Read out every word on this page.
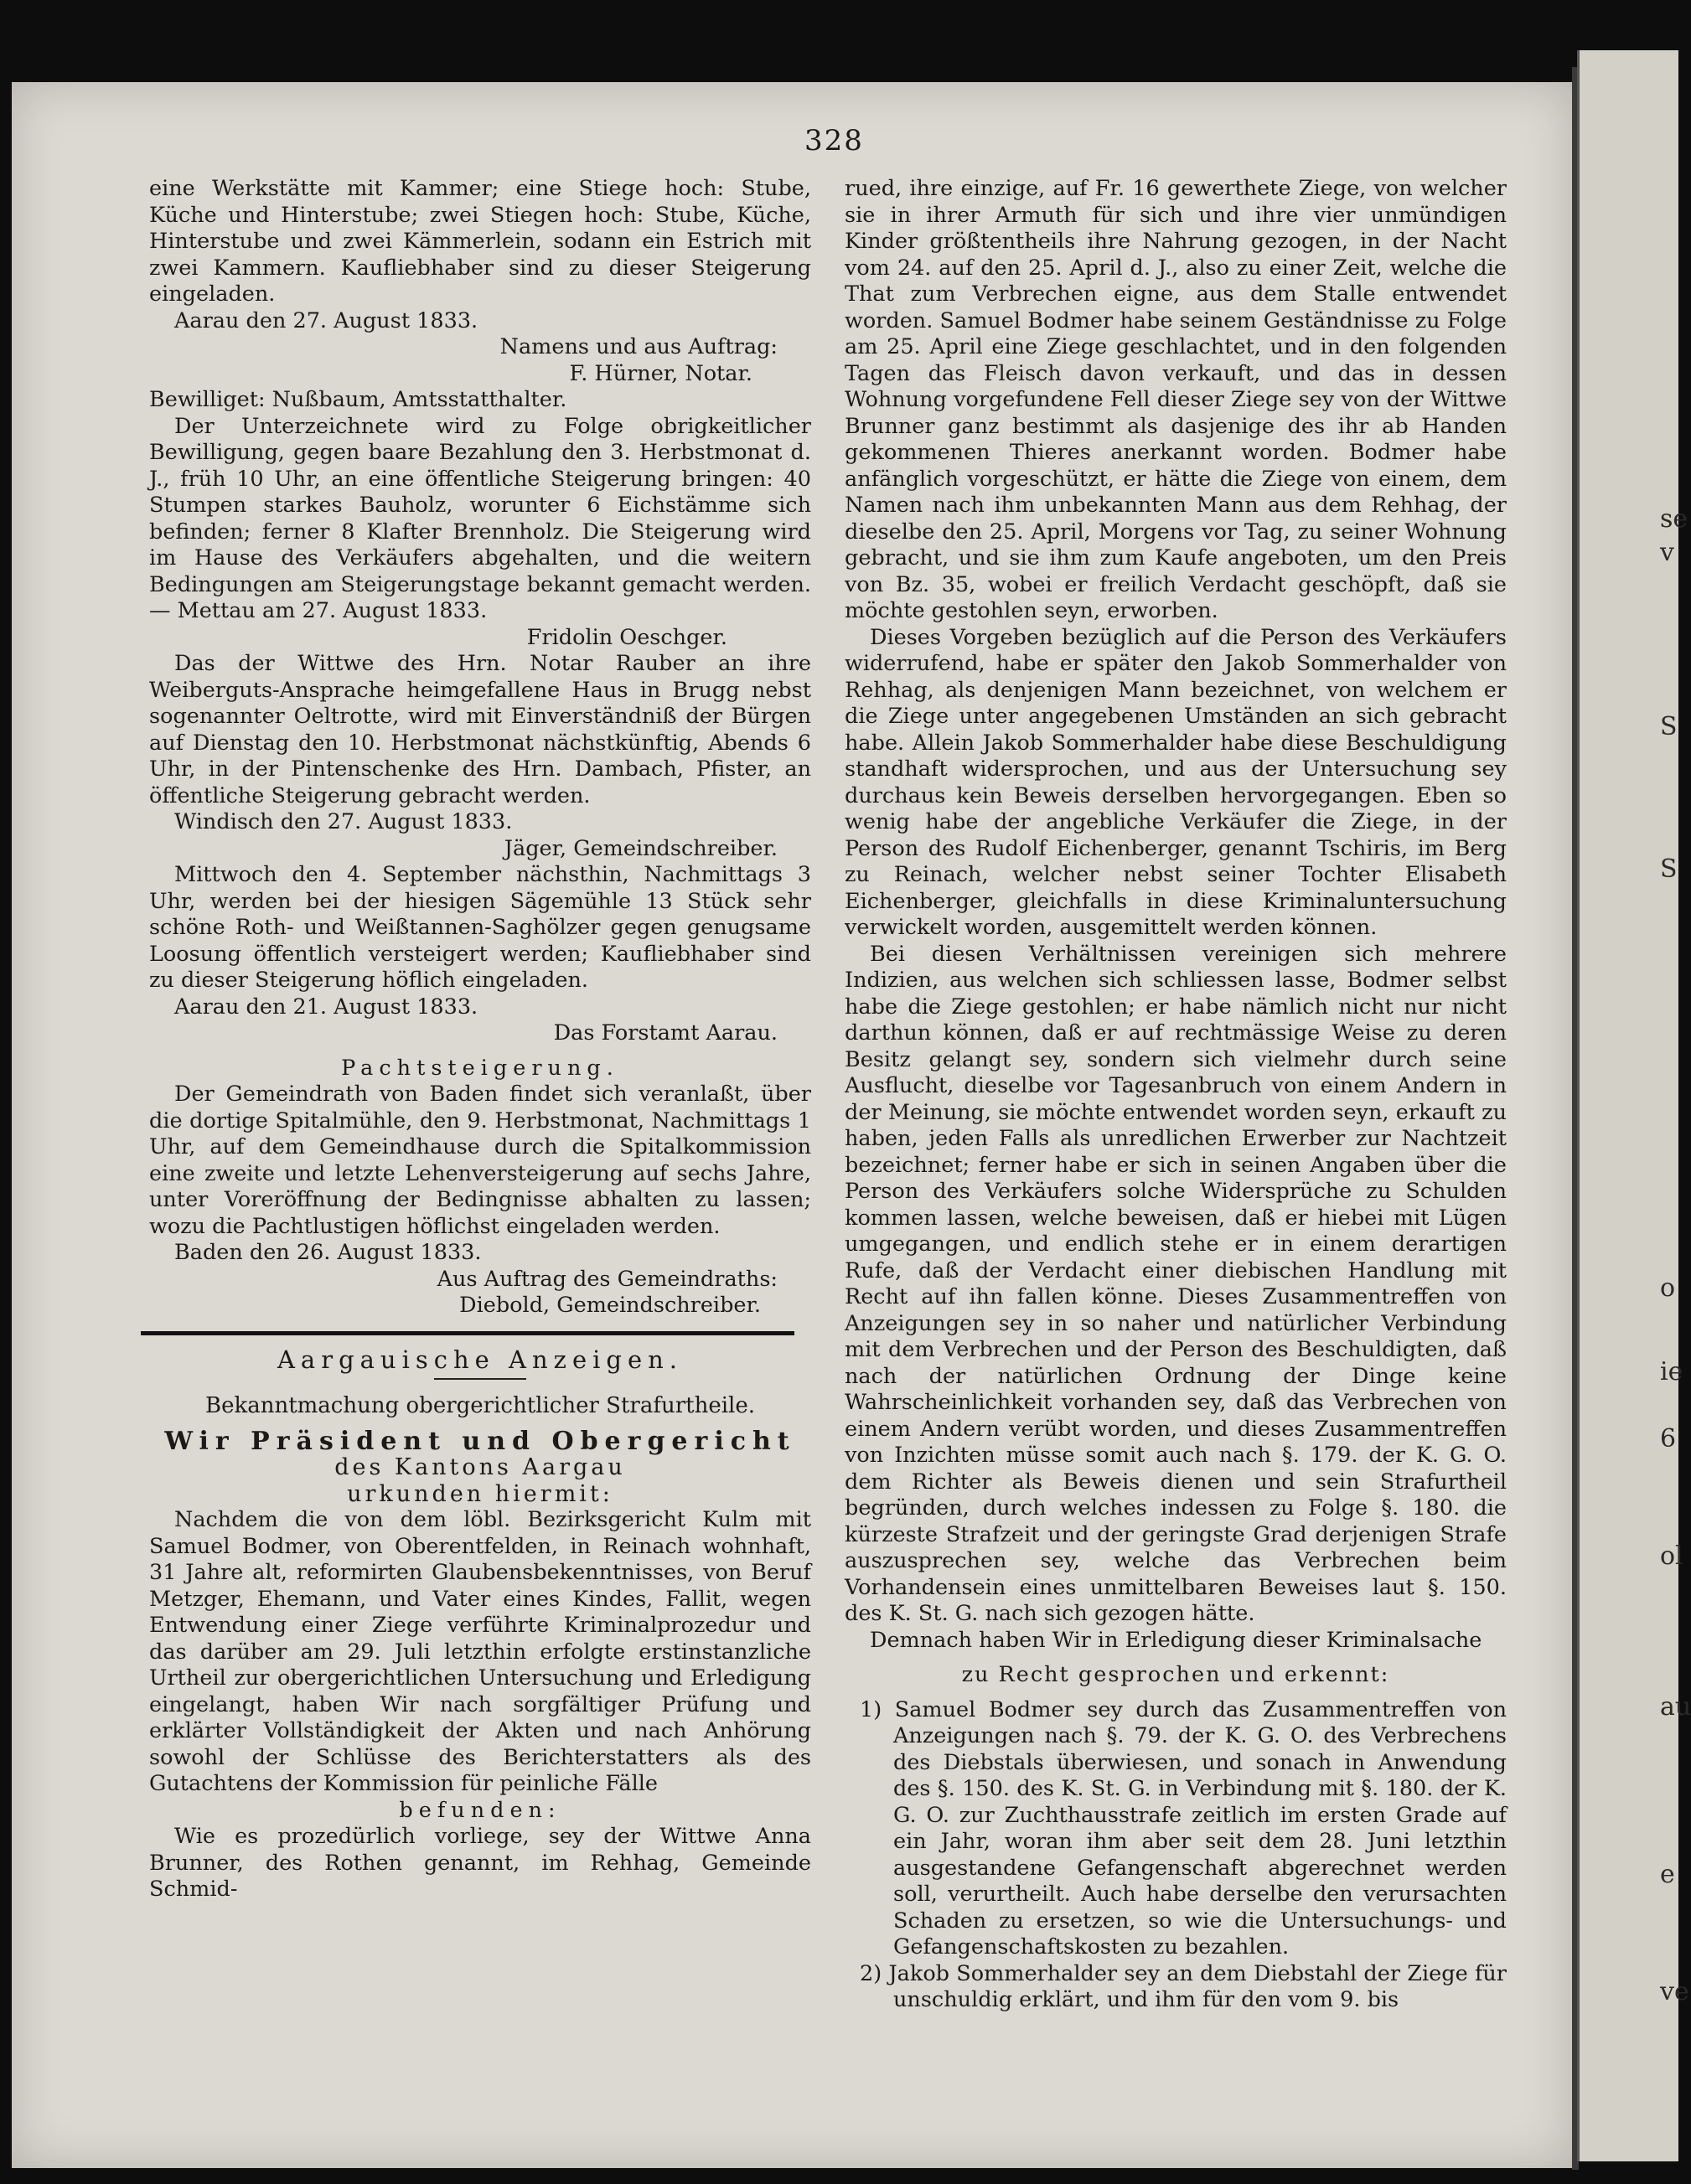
se
v
S
S
o
ie
6
ol
au
e
ve
328

eine Werkstätte mit Kammer; eine Stiege hoch: Stube, Küche und Hinterstube; zwei Stiegen hoch: Stube, Küche, Hinterstube und zwei Kämmerlein, sodann ein Estrich mit zwei Kammern. Kaufliebhaber sind zu dieser Steigerung eingeladen.

Aarau den 27. August 1833.

Namens und aus Auftrag:

F. Hürner, Notar.

Bewilliget: Nußbaum, Amtsstatthalter.

Der Unterzeichnete wird zu Folge obrigkeitlicher Bewilligung, gegen baare Bezahlung den 3. Herbstmonat d. J., früh 10 Uhr, an eine öffentliche Steigerung bringen: 40 Stumpen starkes Bauholz, worunter 6 Eichstämme sich befinden; ferner 8 Klafter Brennholz. Die Steigerung wird im Hause des Verkäufers abgehalten, und die weitern Bedingungen am Steigerungstage bekannt gemacht werden. — Mettau am 27. August 1833.

Fridolin Oeschger.

Das der Wittwe des Hrn. Notar Rauber an ihre Weiberguts-Ansprache heimgefallene Haus in Brugg nebst sogenannter Oeltrotte, wird mit Einverständniß der Bürgen auf Dienstag den 10. Herbstmonat nächstkünftig, Abends 6 Uhr, in der Pintenschenke des Hrn. Dambach, Pfister, an öffentliche Steigerung gebracht werden.

Windisch den 27. August 1833.

Jäger, Gemeindschreiber.

Mittwoch den 4. September nächsthin, Nachmittags 3 Uhr, werden bei der hiesigen Sägemühle 13 Stück sehr schöne Roth- und Weißtannen-Saghölzer gegen genugsame Loosung öffentlich versteigert werden; Kaufliebhaber sind zu dieser Steigerung höflich eingeladen.

Aarau den 21. August 1833.

Das Forstamt Aarau.

Pachtsteigerung.

Der Gemeindrath von Baden findet sich veranlaßt, über die dortige Spitalmühle, den 9. Herbstmonat, Nachmittags 1 Uhr, auf dem Gemeindhause durch die Spitalkommission eine zweite und letzte Lehenversteigerung auf sechs Jahre, unter Voreröffnung der Bedingnisse abhalten zu lassen; wozu die Pachtlustigen höflichst eingeladen werden.

Baden den 26. August 1833.

Aus Auftrag des Gemeindraths:

Diebold, Gemeindschreiber.

Aargauische Anzeigen.

Bekanntmachung obergerichtlicher Strafurtheile.

Wir Präsident und Obergericht

des Kantons Aargau

urkunden hiermit:

Nachdem die von dem löbl. Bezirksgericht Kulm mit Samuel Bodmer, von Oberentfelden, in Reinach wohnhaft, 31 Jahre alt, reformirten Glaubensbekenntnisses, von Beruf Metzger, Ehemann, und Vater eines Kindes, Fallit, wegen Entwendung einer Ziege verführte Kriminalprozedur und das darüber am 29. Juli letzthin erfolgte erstinstanzliche Urtheil zur obergerichtlichen Untersuchung und Erledigung eingelangt, haben Wir nach sorgfältiger Prüfung und erklärter Vollständigkeit der Akten und nach Anhörung sowohl der Schlüsse des Berichterstatters als des Gutachtens der Kommission für peinliche Fälle

befunden:

Wie es prozedürlich vorliege, sey der Wittwe Anna Brunner, des Rothen genannt, im Rehhag, Gemeinde Schmid-

rued, ihre einzige, auf Fr. 16 gewerthete Ziege, von welcher sie in ihrer Armuth für sich und ihre vier unmündigen Kinder größtentheils ihre Nahrung gezogen, in der Nacht vom 24. auf den 25. April d. J., also zu einer Zeit, welche die That zum Verbrechen eigne, aus dem Stalle entwendet worden. Samuel Bodmer habe seinem Geständnisse zu Folge am 25. April eine Ziege geschlachtet, und in den folgenden Tagen das Fleisch davon verkauft, und das in dessen Wohnung vorgefundene Fell dieser Ziege sey von der Wittwe Brunner ganz bestimmt als dasjenige des ihr ab Handen gekommenen Thieres anerkannt worden. Bodmer habe anfänglich vorgeschützt, er hätte die Ziege von einem, dem Namen nach ihm unbekannten Mann aus dem Rehhag, der dieselbe den 25. April, Morgens vor Tag, zu seiner Wohnung gebracht, und sie ihm zum Kaufe angeboten, um den Preis von Bz. 35, wobei er freilich Verdacht geschöpft, daß sie möchte gestohlen seyn, erworben.

Dieses Vorgeben bezüglich auf die Person des Verkäufers widerrufend, habe er später den Jakob Sommerhalder von Rehhag, als denjenigen Mann bezeichnet, von welchem er die Ziege unter angegebenen Umständen an sich gebracht habe. Allein Jakob Sommerhalder habe diese Beschuldigung standhaft widersprochen, und aus der Untersuchung sey durchaus kein Beweis derselben hervorgegangen. Eben so wenig habe der angebliche Verkäufer die Ziege, in der Person des Rudolf Eichenberger, genannt Tschiris, im Berg zu Reinach, welcher nebst seiner Tochter Elisabeth Eichenberger, gleichfalls in diese Kriminaluntersuchung verwickelt worden, ausgemittelt werden können.

Bei diesen Verhältnissen vereinigen sich mehrere Indizien, aus welchen sich schliessen lasse, Bodmer selbst habe die Ziege gestohlen; er habe nämlich nicht nur nicht darthun können, daß er auf rechtmässige Weise zu deren Besitz gelangt sey, sondern sich vielmehr durch seine Ausflucht, dieselbe vor Tagesanbruch von einem Andern in der Meinung, sie möchte entwendet worden seyn, erkauft zu haben, jeden Falls als unredlichen Erwerber zur Nachtzeit bezeichnet; ferner habe er sich in seinen Angaben über die Person des Verkäufers solche Widersprüche zu Schulden kommen lassen, welche beweisen, daß er hiebei mit Lügen umgegangen, und endlich stehe er in einem derartigen Rufe, daß der Verdacht einer diebischen Handlung mit Recht auf ihn fallen könne. Dieses Zusammentreffen von Anzeigungen sey in so naher und natürlicher Verbindung mit dem Verbrechen und der Person des Beschuldigten, daß nach der natürlichen Ordnung der Dinge keine Wahrscheinlichkeit vorhanden sey, daß das Verbrechen von einem Andern verübt worden, und dieses Zusammentreffen von Inzichten müsse somit auch nach §. 179. der K. G. O. dem Richter als Beweis dienen und sein Strafurtheil begründen, durch welches indessen zu Folge §. 180. die kürzeste Strafzeit und der geringste Grad derjenigen Strafe auszusprechen sey, welche das Verbrechen beim Vorhandensein eines unmittelbaren Beweises laut §. 150. des K. St. G. nach sich gezogen hätte.

Demnach haben Wir in Erledigung dieser Kriminalsache

zu Recht gesprochen und erkennt:

1) Samuel Bodmer sey durch das Zusammentreffen von Anzeigungen nach §. 79. der K. G. O. des Verbrechens des Diebstals überwiesen, und sonach in Anwendung des §. 150. des K. St. G. in Verbindung mit §. 180. der K. G. O. zur Zuchthausstrafe zeitlich im ersten Grade auf ein Jahr, woran ihm aber seit dem 28. Juni letzthin ausgestandene Gefangenschaft abgerechnet werden soll, verurtheilt. Auch habe derselbe den verursachten Schaden zu ersetzen, so wie die Untersuchungs- und Gefangenschaftskosten zu bezahlen.

2) Jakob Sommerhalder sey an dem Diebstahl der Ziege für unschuldig erklärt, und ihm für den vom 9. bis
